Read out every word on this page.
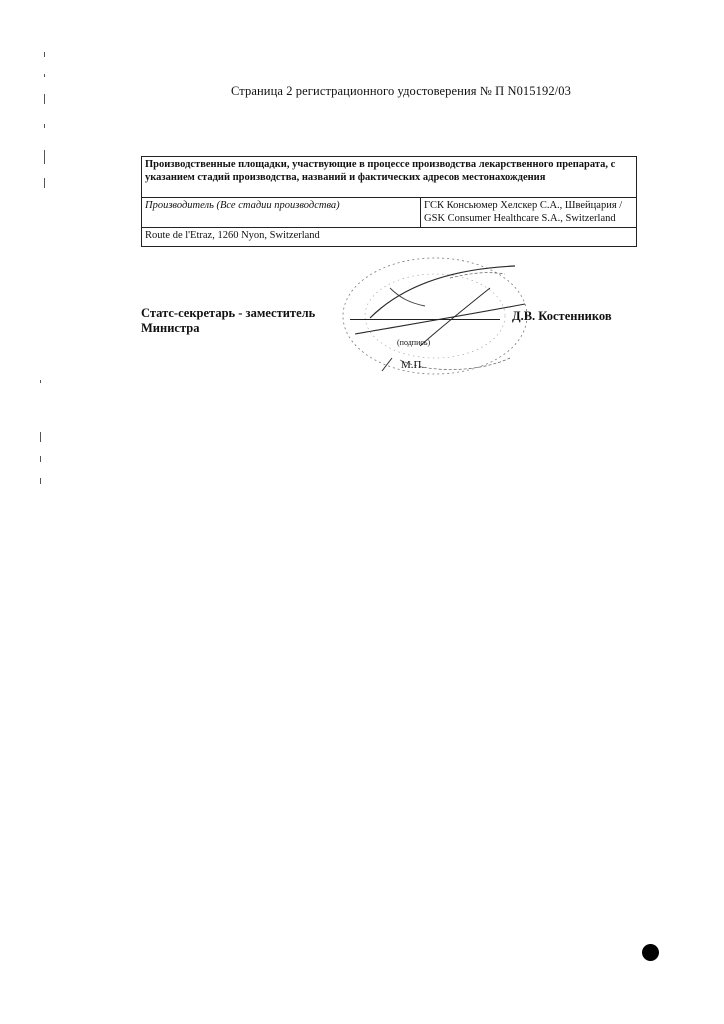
Страница 2 регистрационного удостоверения № П N015192/03
Производственные площадки, участвующие в процессе производства лекарственного препарата, с указанием стадий производства, названий и фактических адресов местонахождения
Производитель (Все стадии производства)	ГСК Консьюмер Хелскер С.А., Швейцария / GSK Consumer Healthcare S.A., Switzerland
Route de l'Etraz, 1260 Nyon, Switzerland
Статс-секретарь - заместитель
Министра
Д.В. Костенников
(подпись)
М.П.
